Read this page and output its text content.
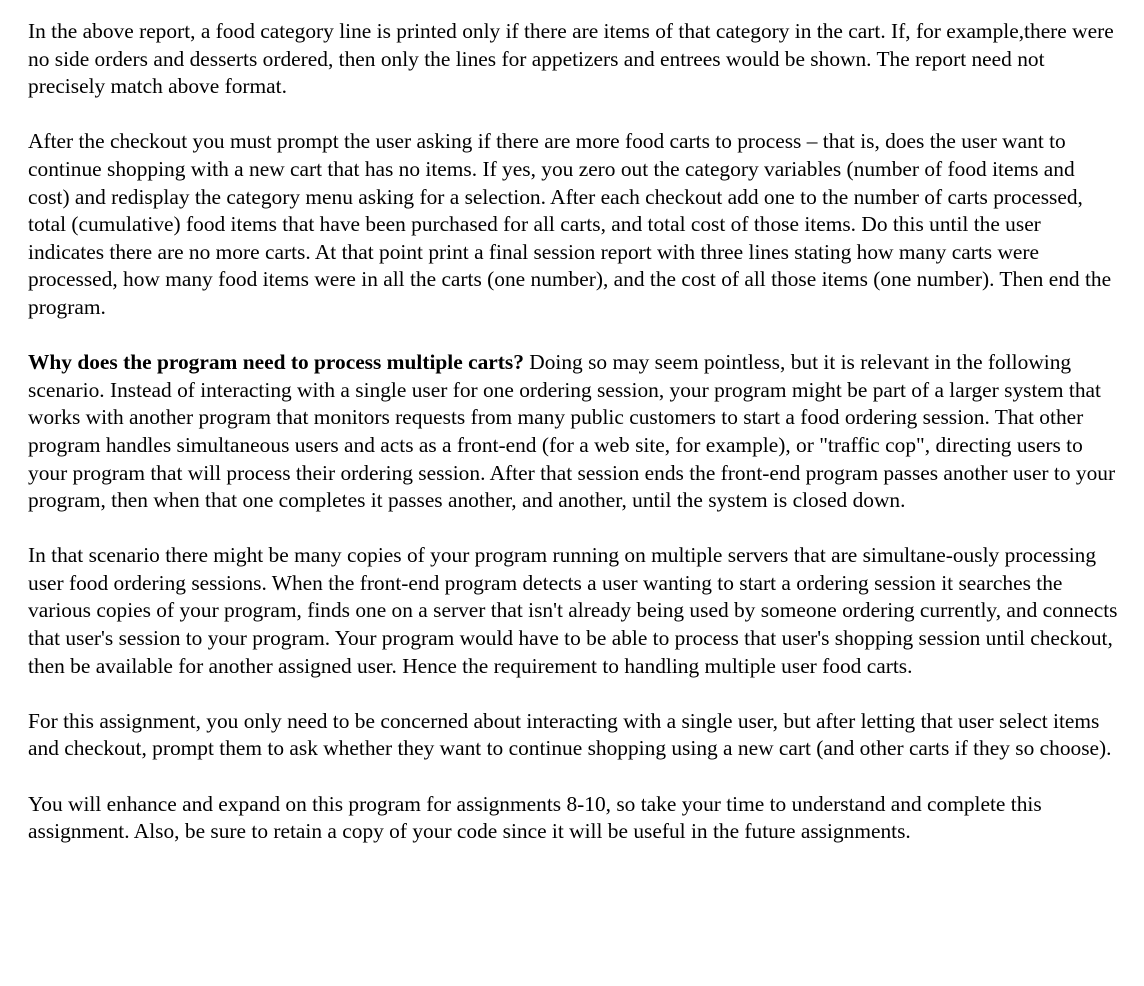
In the above report, a food category line is printed only if there are items of that category in the cart. If, for example,there were no side orders and desserts ordered, then only the lines for appetizers and entrees would be shown. The report need not precisely match above format.

After the checkout you must prompt the user asking if there are more food carts to process – that is, does the user want to continue shopping with a new cart that has no items. If yes, you zero out the category variables (number of food items and cost) and redisplay the category menu asking for a selection. After each checkout add one to the number of carts processed, total (cumulative) food items that have been purchased for all carts, and total cost of those items. Do this until the user indicates there are no more carts. At that point print a final session report with three lines stating how many carts were processed, how many food items were in all the carts (one number), and the cost of all those items (one number). Then end the program.

Why does the program need to process multiple carts? Doing so may seem pointless, but it is relevant in the following scenario. Instead of interacting with a single user for one ordering session, your program might be part of a larger system that works with another program that monitors requests from many public customers to start a food ordering session. That other program handles simultaneous users and acts as a front-end (for a web site, for example), or "traffic cop", directing users to your program that will process their ordering session. After that session ends the front-end program passes another user to your program, then when that one completes it passes another, and another, until the system is closed down.

In that scenario there might be many copies of your program running on multiple servers that are simultane-ously processing user food ordering sessions. When the front-end program detects a user wanting to start a ordering session it searches the various copies of your program, finds one on a server that isn't already being used by someone ordering currently, and connects that user's session to your program. Your program would have to be able to process that user's shopping session until checkout, then be available for another assigned user. Hence the requirement to handling multiple user food carts.

For this assignment, you only need to be concerned about interacting with a single user, but after letting that user select items and checkout, prompt them to ask whether they want to continue shopping using a new cart (and other carts if they so choose).

You will enhance and expand on this program for assignments 8-10, so take your time to understand and complete this assignment. Also, be sure to retain a copy of your code since it will be useful in the future assignments.
